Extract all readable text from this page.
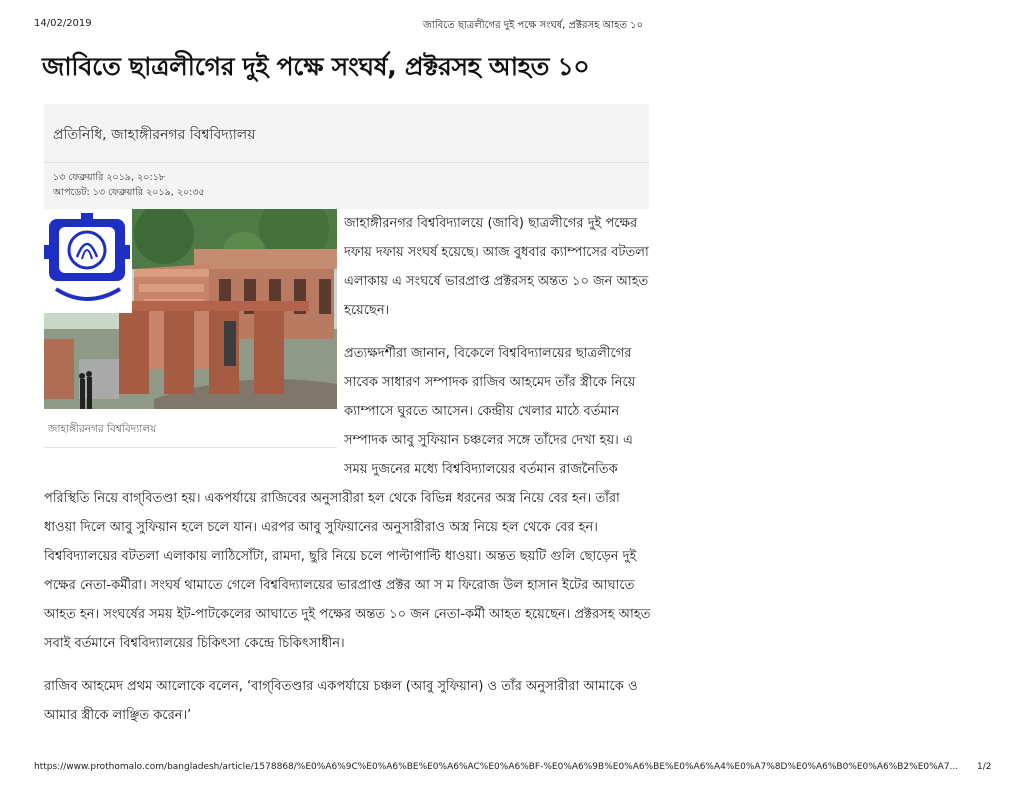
14/02/2019	জাবিতে ছাত্রলীগের দুই পক্ষে সংঘর্ষ, প্রক্টরসহ আহত ১০
জাবিতে ছাত্রলীগের দুই পক্ষে সংঘর্ষ, প্রক্টরসহ আহত ১০
প্রতিনিধি, জাহাঙ্গীরনগর বিশ্ববিদ্যালয়
১৩ ফেব্রুয়ারি ২০১৯, ২০:১৮
আপডেট: ১৩ ফেব্রুয়ারি ২০১৯, ২০:৩৫
জাহাঙ্গীরনগর বিশ্ববিদ্যালয়

জাহাঙ্গীরনগর বিশ্ববিদ্যালয়ে (জাবি) ছাত্রলীগের দুই পক্ষের দফায় দফায় সংঘর্ষ হয়েছে। আজ বুধবার ক্যাম্পাসের বটতলা এলাকায় এ সংঘর্ষে ভারপ্রাপ্ত প্রক্টরসহ অন্তত ১০ জন আহত হয়েছেন।

প্রত্যক্ষদর্শীরা জানান, বিকেলে বিশ্ববিদ্যালয়ের ছাত্রলীগের সাবেক সাধারণ সম্পাদক রাজিব আহমেদ তাঁর স্ত্রীকে নিয়ে ক্যাম্পাসে ঘুরতে আসেন। কেন্দ্রীয় খেলার মাঠে বর্তমান সম্পাদক আবু সুফিয়ান চঞ্চলের সঙ্গে তাঁদের দেখা হয়। এ সময় দুজনের মধ্যে বিশ্ববিদ্যালয়ের বর্তমান রাজনৈতিক পরিস্থিতি নিয়ে বাগ্‌বিতণ্ডা হয়। একপর্যায়ে রাজিবের অনুসারীরা হল থেকে বিভিন্ন ধরনের অস্ত্র নিয়ে বের হন। তাঁরা ধাওয়া দিলে আবু সুফিয়ান হলে চলে যান। এরপর আবু সুফিয়ানের অনুসারীরাও অস্ত্র নিয়ে হল থেকে বের হন। বিশ্ববিদ্যালয়ের বটতলা এলাকায় লাঠিসোঁটা, রামদা, ছুরি নিয়ে চলে পাল্টাপাল্টি ধাওয়া। অন্তত ছয়টি গুলি ছোড়েন দুই পক্ষের নেতা-কর্মীরা। সংঘর্ষ থামাতে গেলে বিশ্ববিদ্যালয়ের ভারপ্রাপ্ত প্রক্টর আ স ম ফিরোজ উল হাসান ইটের আঘাতে আহত হন। সংঘর্ষের সময় ইট-পাটকেলের আঘাতে দুই পক্ষের অন্তত ১০ জন নেতা-কর্মী আহত হয়েছেন। প্রক্টরসহ আহত সবাই বর্তমানে বিশ্ববিদ্যালয়ের চিকিৎসা কেন্দ্রে চিকিৎসাধীন।

রাজিব আহমেদ প্রথম আলোকে বলেন, ‘বাগ্‌বিতণ্ডার একপর্যায়ে চঞ্চল (আবু সুফিয়ান) ও তাঁর অনুসারীরা আমাকে ও আমার স্ত্রীকে লাঞ্ছিত করেন।’

https://www.prothomalo.com/bangladesh/article/1578868/%E0%A6%9C%E0%A6%BE%E0%A6%AC%E0%A6%BF-%E0%A6%9B%E0%A6%BE%E0%A6%A4%E0%A7%8D%E0%A6%B0%E0%A6%B2%E0%A7... 1/2
